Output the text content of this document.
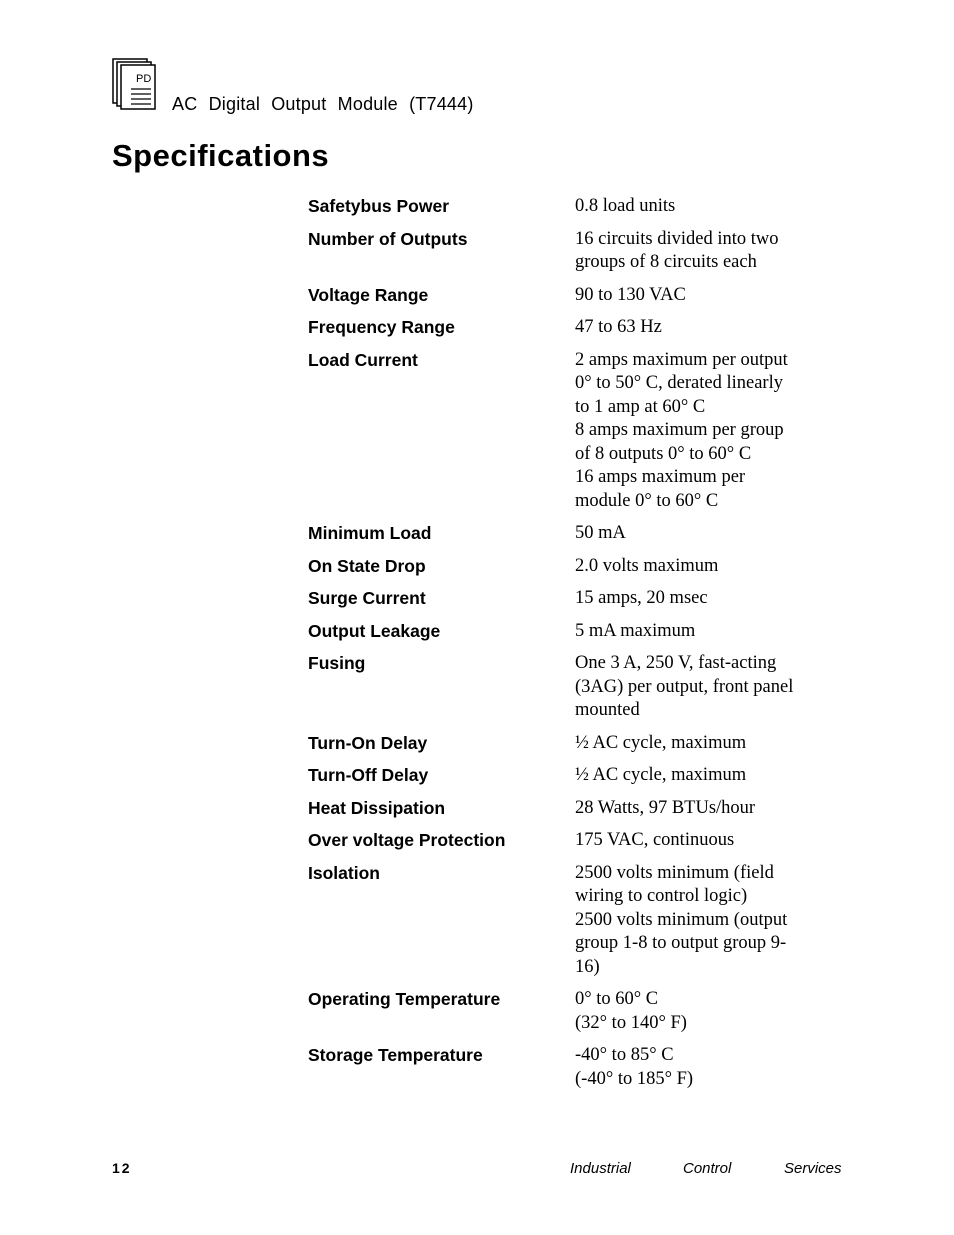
PD
AC Digital Output Module (T7444)
Specifications
Safetybus Power	0.8 load units
Number of Outputs	16 circuits divided into two
groups of 8 circuits each
Voltage Range	90 to 130 VAC
Frequency Range	47 to 63 Hz
Load Current	2 amps maximum per output
0° to 50° C, derated linearly
to 1 amp at 60° C
8 amps maximum per group
of 8 outputs 0° to 60° C
16 amps maximum per
module 0° to 60° C
Minimum Load	50 mA
On State Drop	2.0 volts maximum
Surge Current	15 amps, 20 msec
Output Leakage	5 mA maximum
Fusing	One 3 A, 250 V, fast-acting
(3AG) per output, front panel
mounted
Turn-On Delay	½ AC cycle, maximum
Turn-Off Delay	½ AC cycle, maximum
Heat Dissipation	28 Watts, 97 BTUs/hour
Over voltage Protection	175 VAC, continuous
Isolation	2500 volts minimum (field
wiring to control logic)
2500 volts minimum (output
group 1-8 to output group 9-
16)
Operating Temperature	0° to 60° C
(32° to 140° F)
Storage Temperature	-40° to 85° C
(-40° to 185° F)
12	Industrial	Control	Services
